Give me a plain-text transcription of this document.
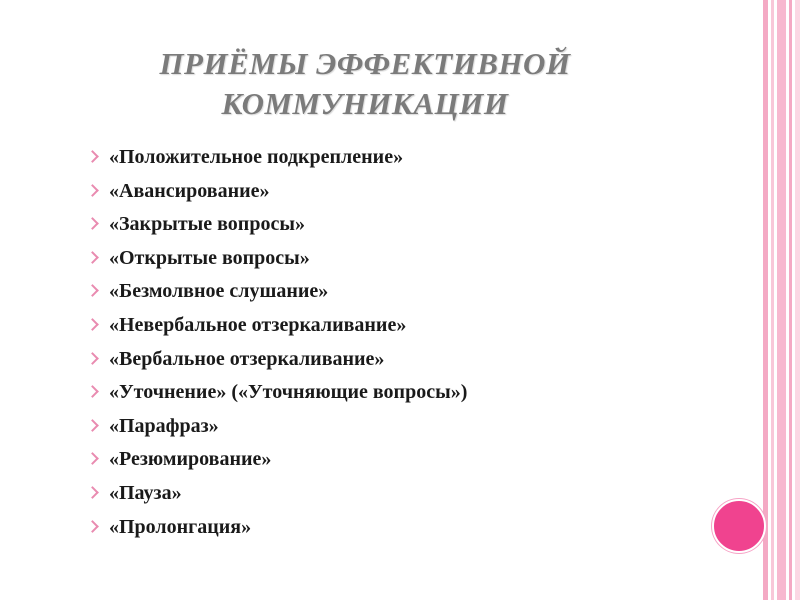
ПРИЁМЫ ЭФФЕКТИВНОЙ
КОММУНИКАЦИИ
«Положительное подкрепление»
«Авансирование»
«Закрытые вопросы»
«Открытые вопросы»
«Безмолвное слушание»
«Невербальное отзеркаливание»
«Вербальное отзеркаливание»
«Уточнение» («Уточняющие вопросы»)
«Парафраз»
«Резюмирование»
«Пауза»
«Пролонгация»
